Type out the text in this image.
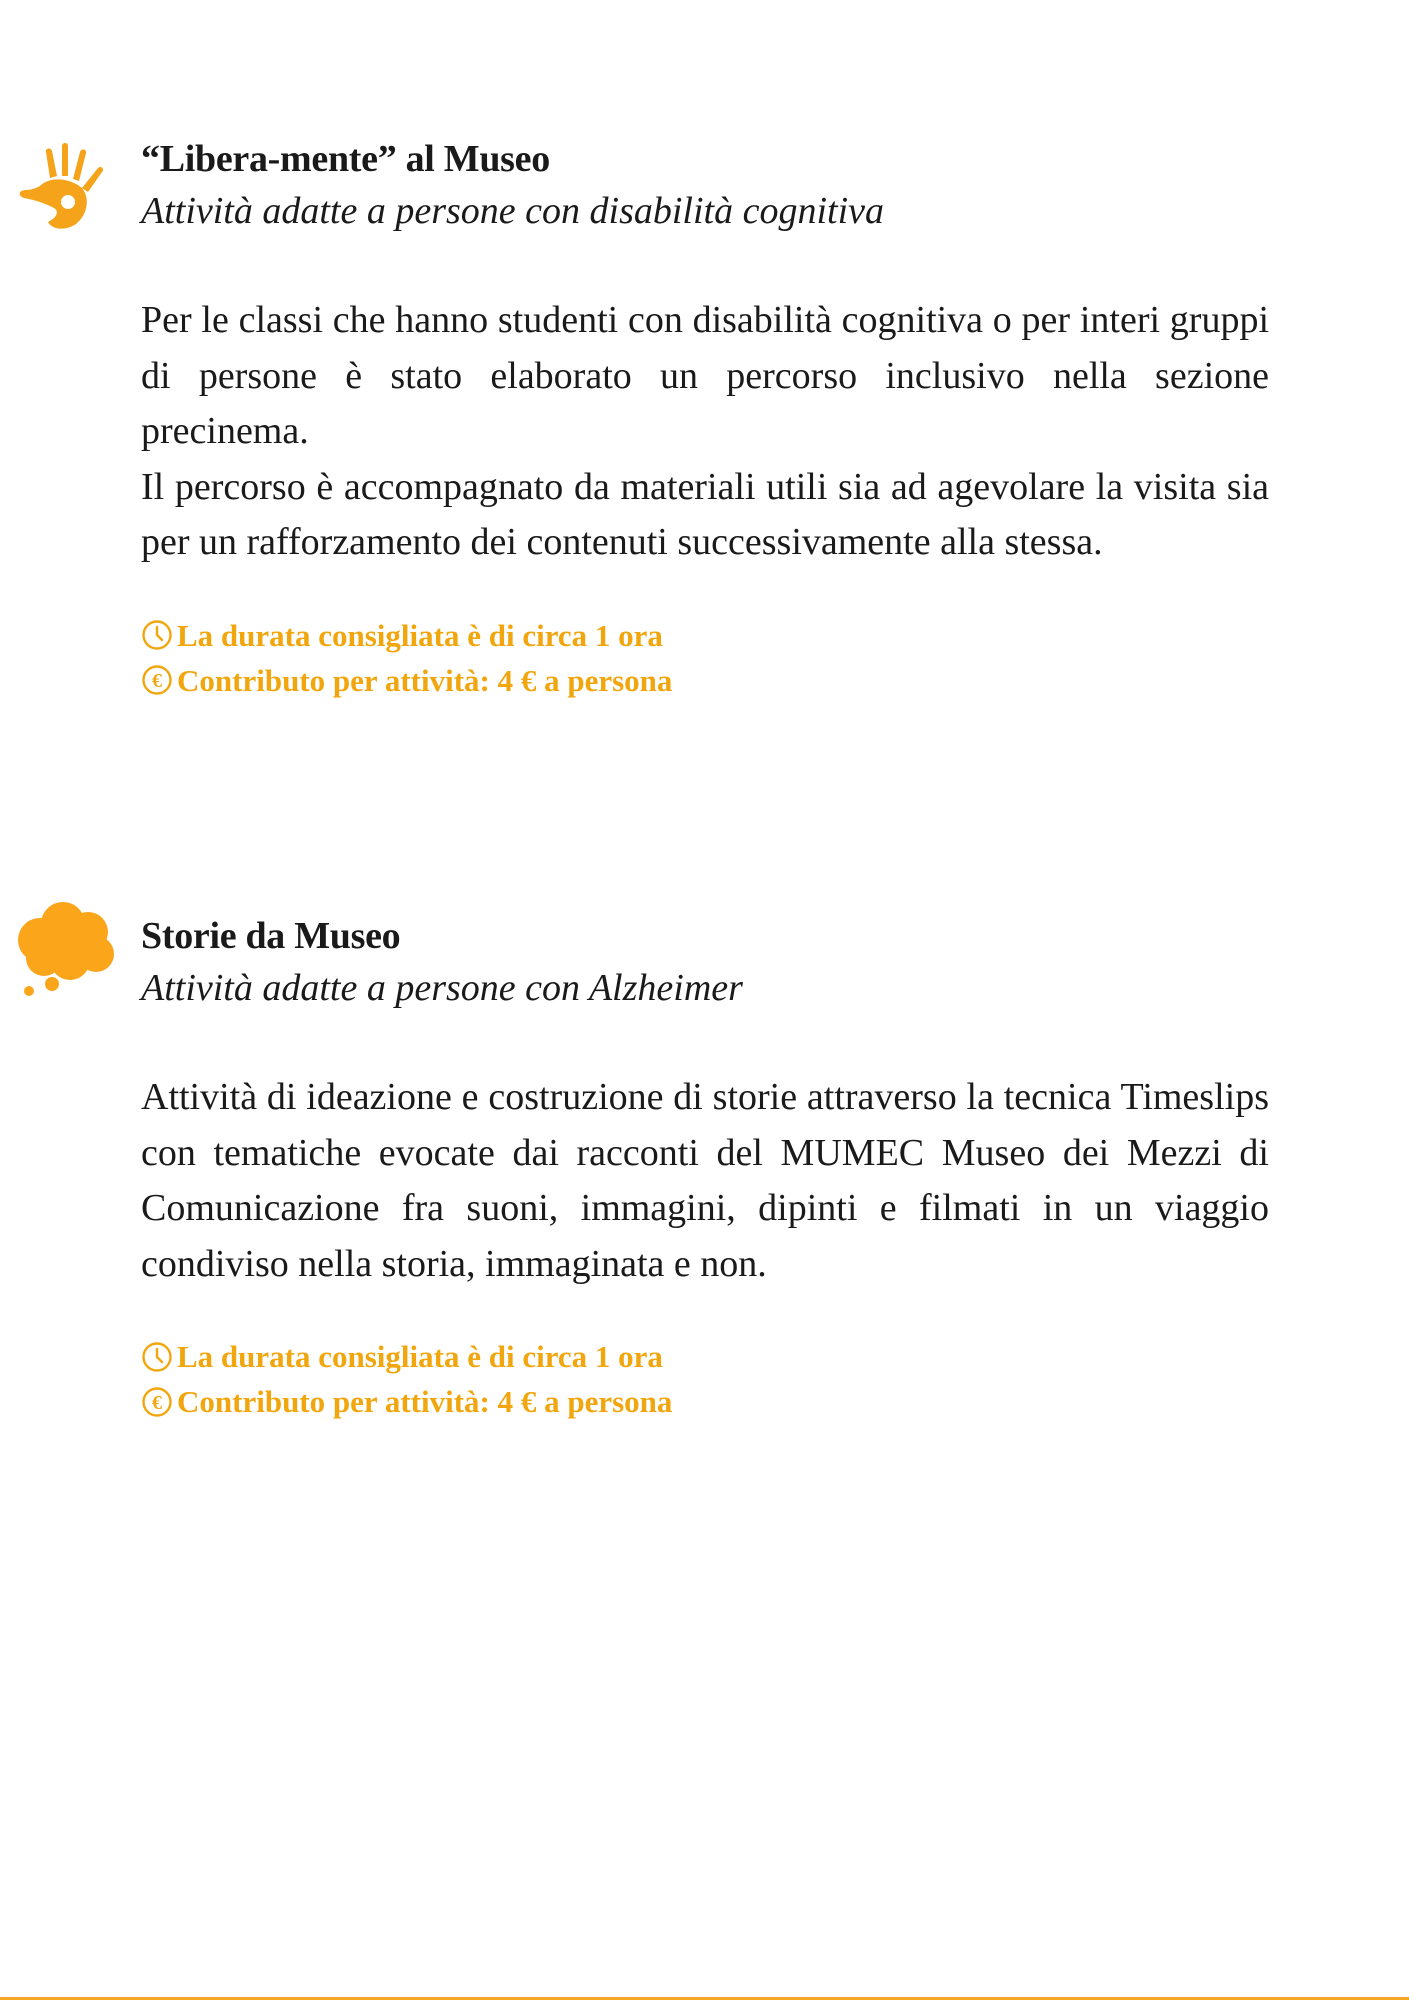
“Libera-mente” al Museo
Attività adatte a persone con disabilità cognitiva

Per le classi che hanno studenti con disabilità cognitiva o per interi gruppi di persone è stato elaborato un percorso inclusivo nella sezione precinema.

Il percorso è accompagnato da materiali utili sia ad agevolare la visita sia per un rafforzamento dei contenuti successivamente alla stessa.

La durata consigliata è di circa 1 ora
€ Contributo per attività: 4 € a persona
Storie da Museo
Attività adatte a persone con Alzheimer

Attività di ideazione e costruzione di storie attraverso la tecnica Timeslips con tematiche evocate dai racconti del MUMEC Museo dei Mezzi di Comunicazione fra suoni, immagini, dipinti e filmati in un viaggio condiviso nella storia, immaginata e non.

La durata consigliata è di circa 1 ora
€ Contributo per attività: 4 € a persona
